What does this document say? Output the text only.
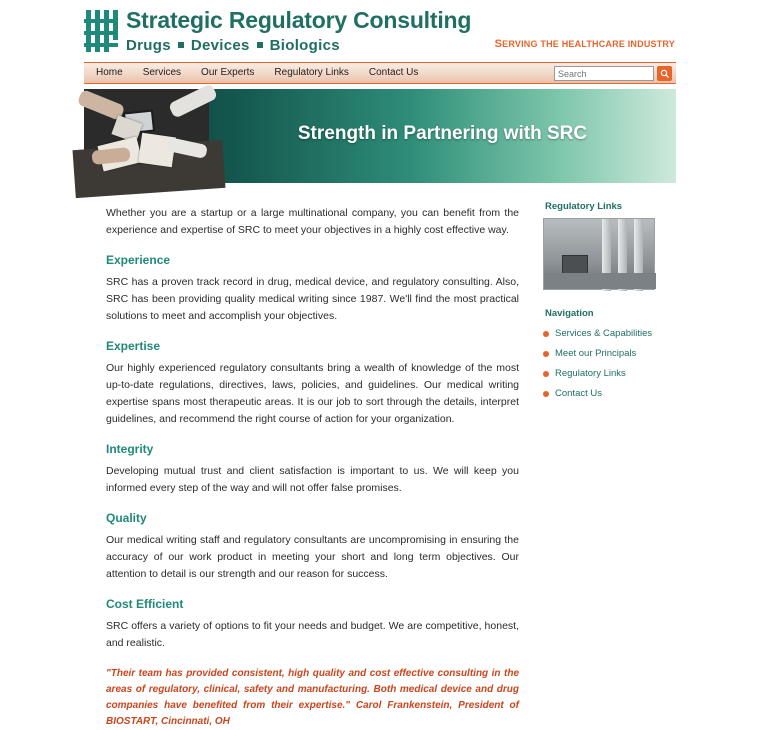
Strategic Regulatory Consulting
Drugs Devices Biologics	SERVING THE HEALTHCARE INDUSTRY
Home	Services	Our Experts	Regulatory Links	Contact Us
Search
Strength in Partnering with SRC

Whether you are a startup or a large multinational company, you can benefit from the experience and expertise of SRC to meet your objectives in a highly cost effective way.

Experience

SRC has a proven track record in drug, medical device, and regulatory consulting. Also, SRC has been providing quality medical writing since 1987. We'll find the most practical solutions to meet and accomplish your objectives.

Expertise

Our highly experienced regulatory consultants bring a wealth of knowledge of the most up-to-date regulations, directives, laws, policies, and guidelines. Our medical writing expertise spans most therapeutic areas. It is our job to sort through the details, interpret guidelines, and recommend the right course of action for your organization.

Integrity

Developing mutual trust and client satisfaction is important to us. We will keep you informed every step of the way and will not offer false promises.

Quality

Our medical writing staff and regulatory consultants are uncompromising in ensuring the accuracy of our work product in meeting your short and long term objectives. Our attention to detail is our strength and our reason for success.

Cost Efficient

SRC offers a variety of options to fit your needs and budget. We are competitive, honest, and realistic.

"Their team has provided consistent, high quality and cost effective consulting in the areas of regulatory, clinical, safety and manufacturing. Both medical device and drug companies have benefited from their expertise." Carol Frankenstein, President of BIOSTART, Cincinnati, OH

Regulatory Links
Navigation
Services & Capabilities
Meet our Principals
Regulatory Links
Contact Us
